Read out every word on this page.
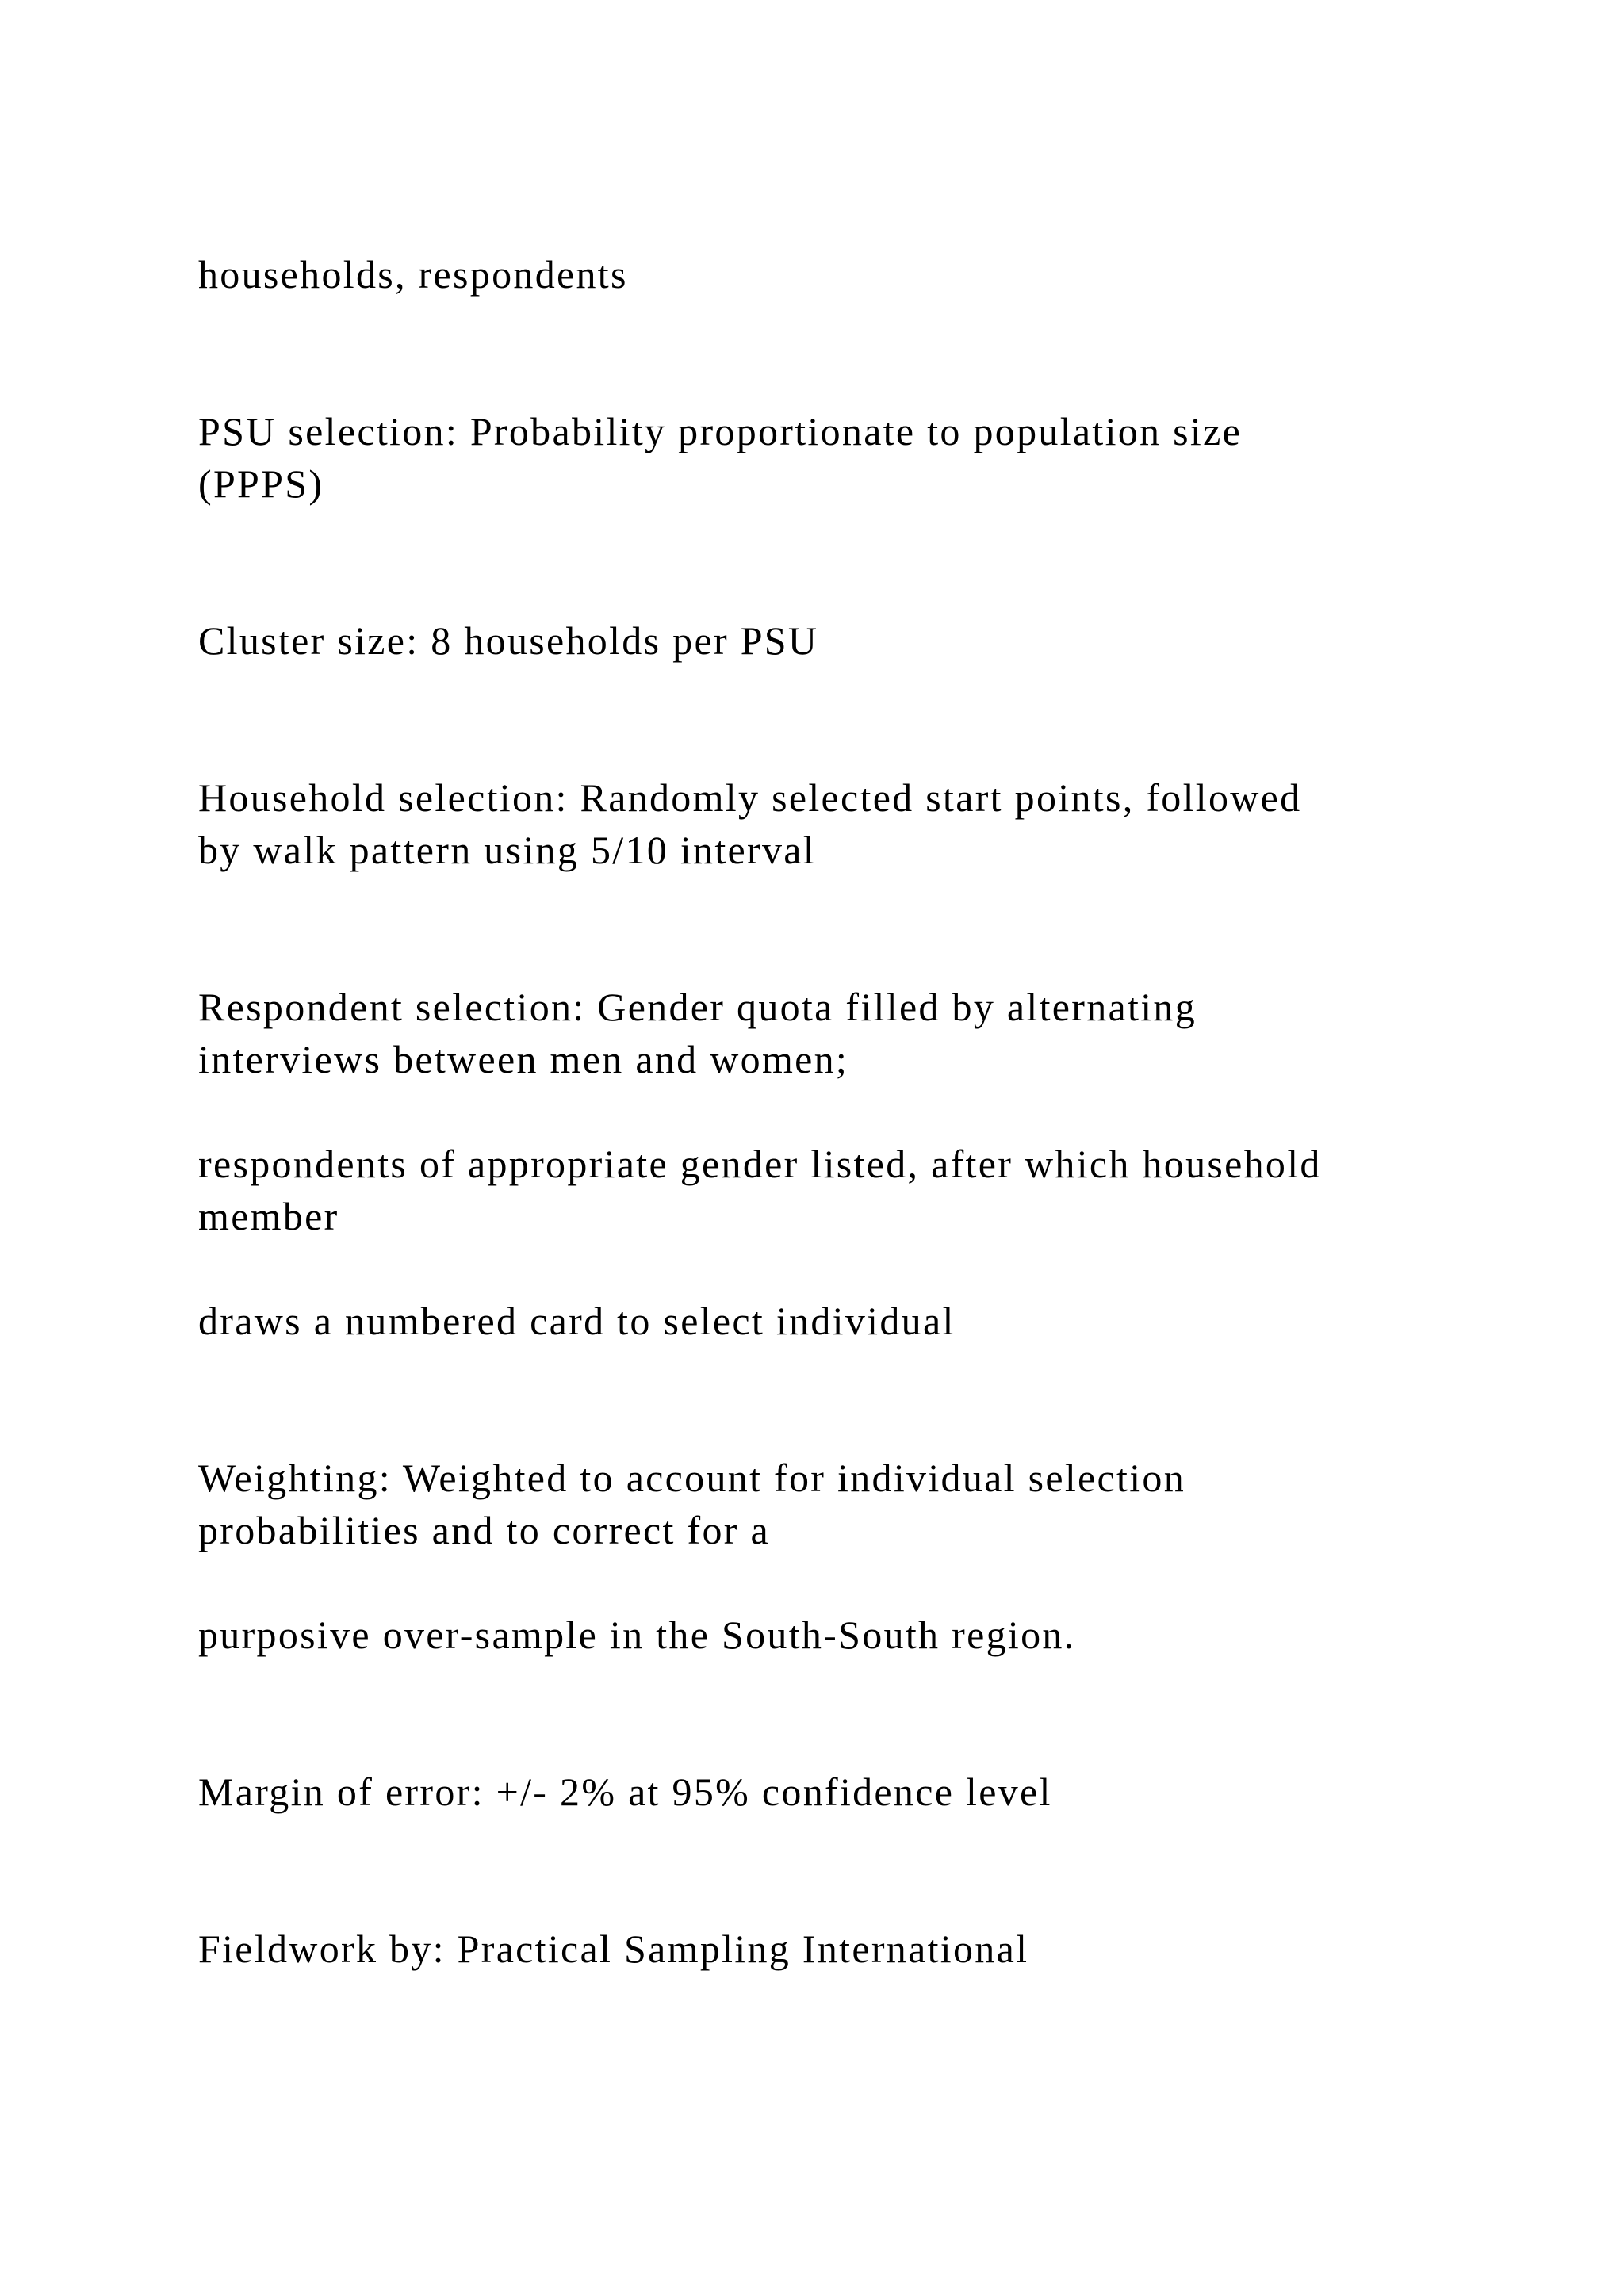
households, respondents
PSU selection: Probability proportionate to population size
(PPPS)
Cluster size: 8 households per PSU
Household selection: Randomly selected start points, followed
by walk pattern using 5/10 interval
Respondent selection: Gender quota filled by alternating
interviews between men and women;
respondents of appropriate gender listed, after which household
member
draws a numbered card to select individual
Weighting: Weighted to account for individual selection
probabilities and to correct for a
purposive over-sample in the South-South region.
Margin of error: +/- 2% at 95% confidence level
Fieldwork by: Practical Sampling International
